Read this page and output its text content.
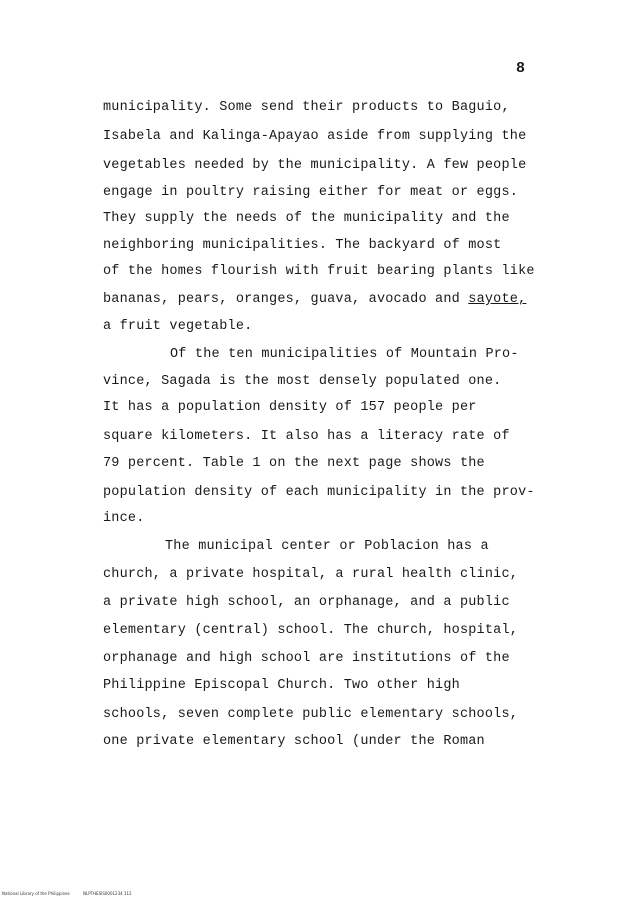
8
municipality. Some send their products to Baguio,
Isabela and Kalinga-Apayao aside from supplying the
vegetables needed by the municipality. A few people
engage in poultry raising either for meat or eggs.
They supply the needs of the municipality and the
neighboring municipalities. The backyard of most
of the homes flourish with fruit bearing plants like
bananas, pears, oranges, guava, avocado and sayote,
a fruit vegetable.
Of the ten municipalities of Mountain Pro-
vince, Sagada is the most densely populated one.
It has a population density of 157 people per
square kilometers. It also has a literacy rate of
79 percent. Table 1 on the next page shows the
population density of each municipality in the prov-
ince.
The municipal center or Poblacion has a
church, a private hospital, a rural health clinic,
a private high school, an orphanage, and a public
elementary (central) school. The church, hospital,
orphanage and high school are institutions of the
Philippine Episcopal Church. Two other high
schools, seven complete public elementary schools,
one private elementary school (under the Roman
National Library of the Philippines	NLPTHESIS0001234 112
